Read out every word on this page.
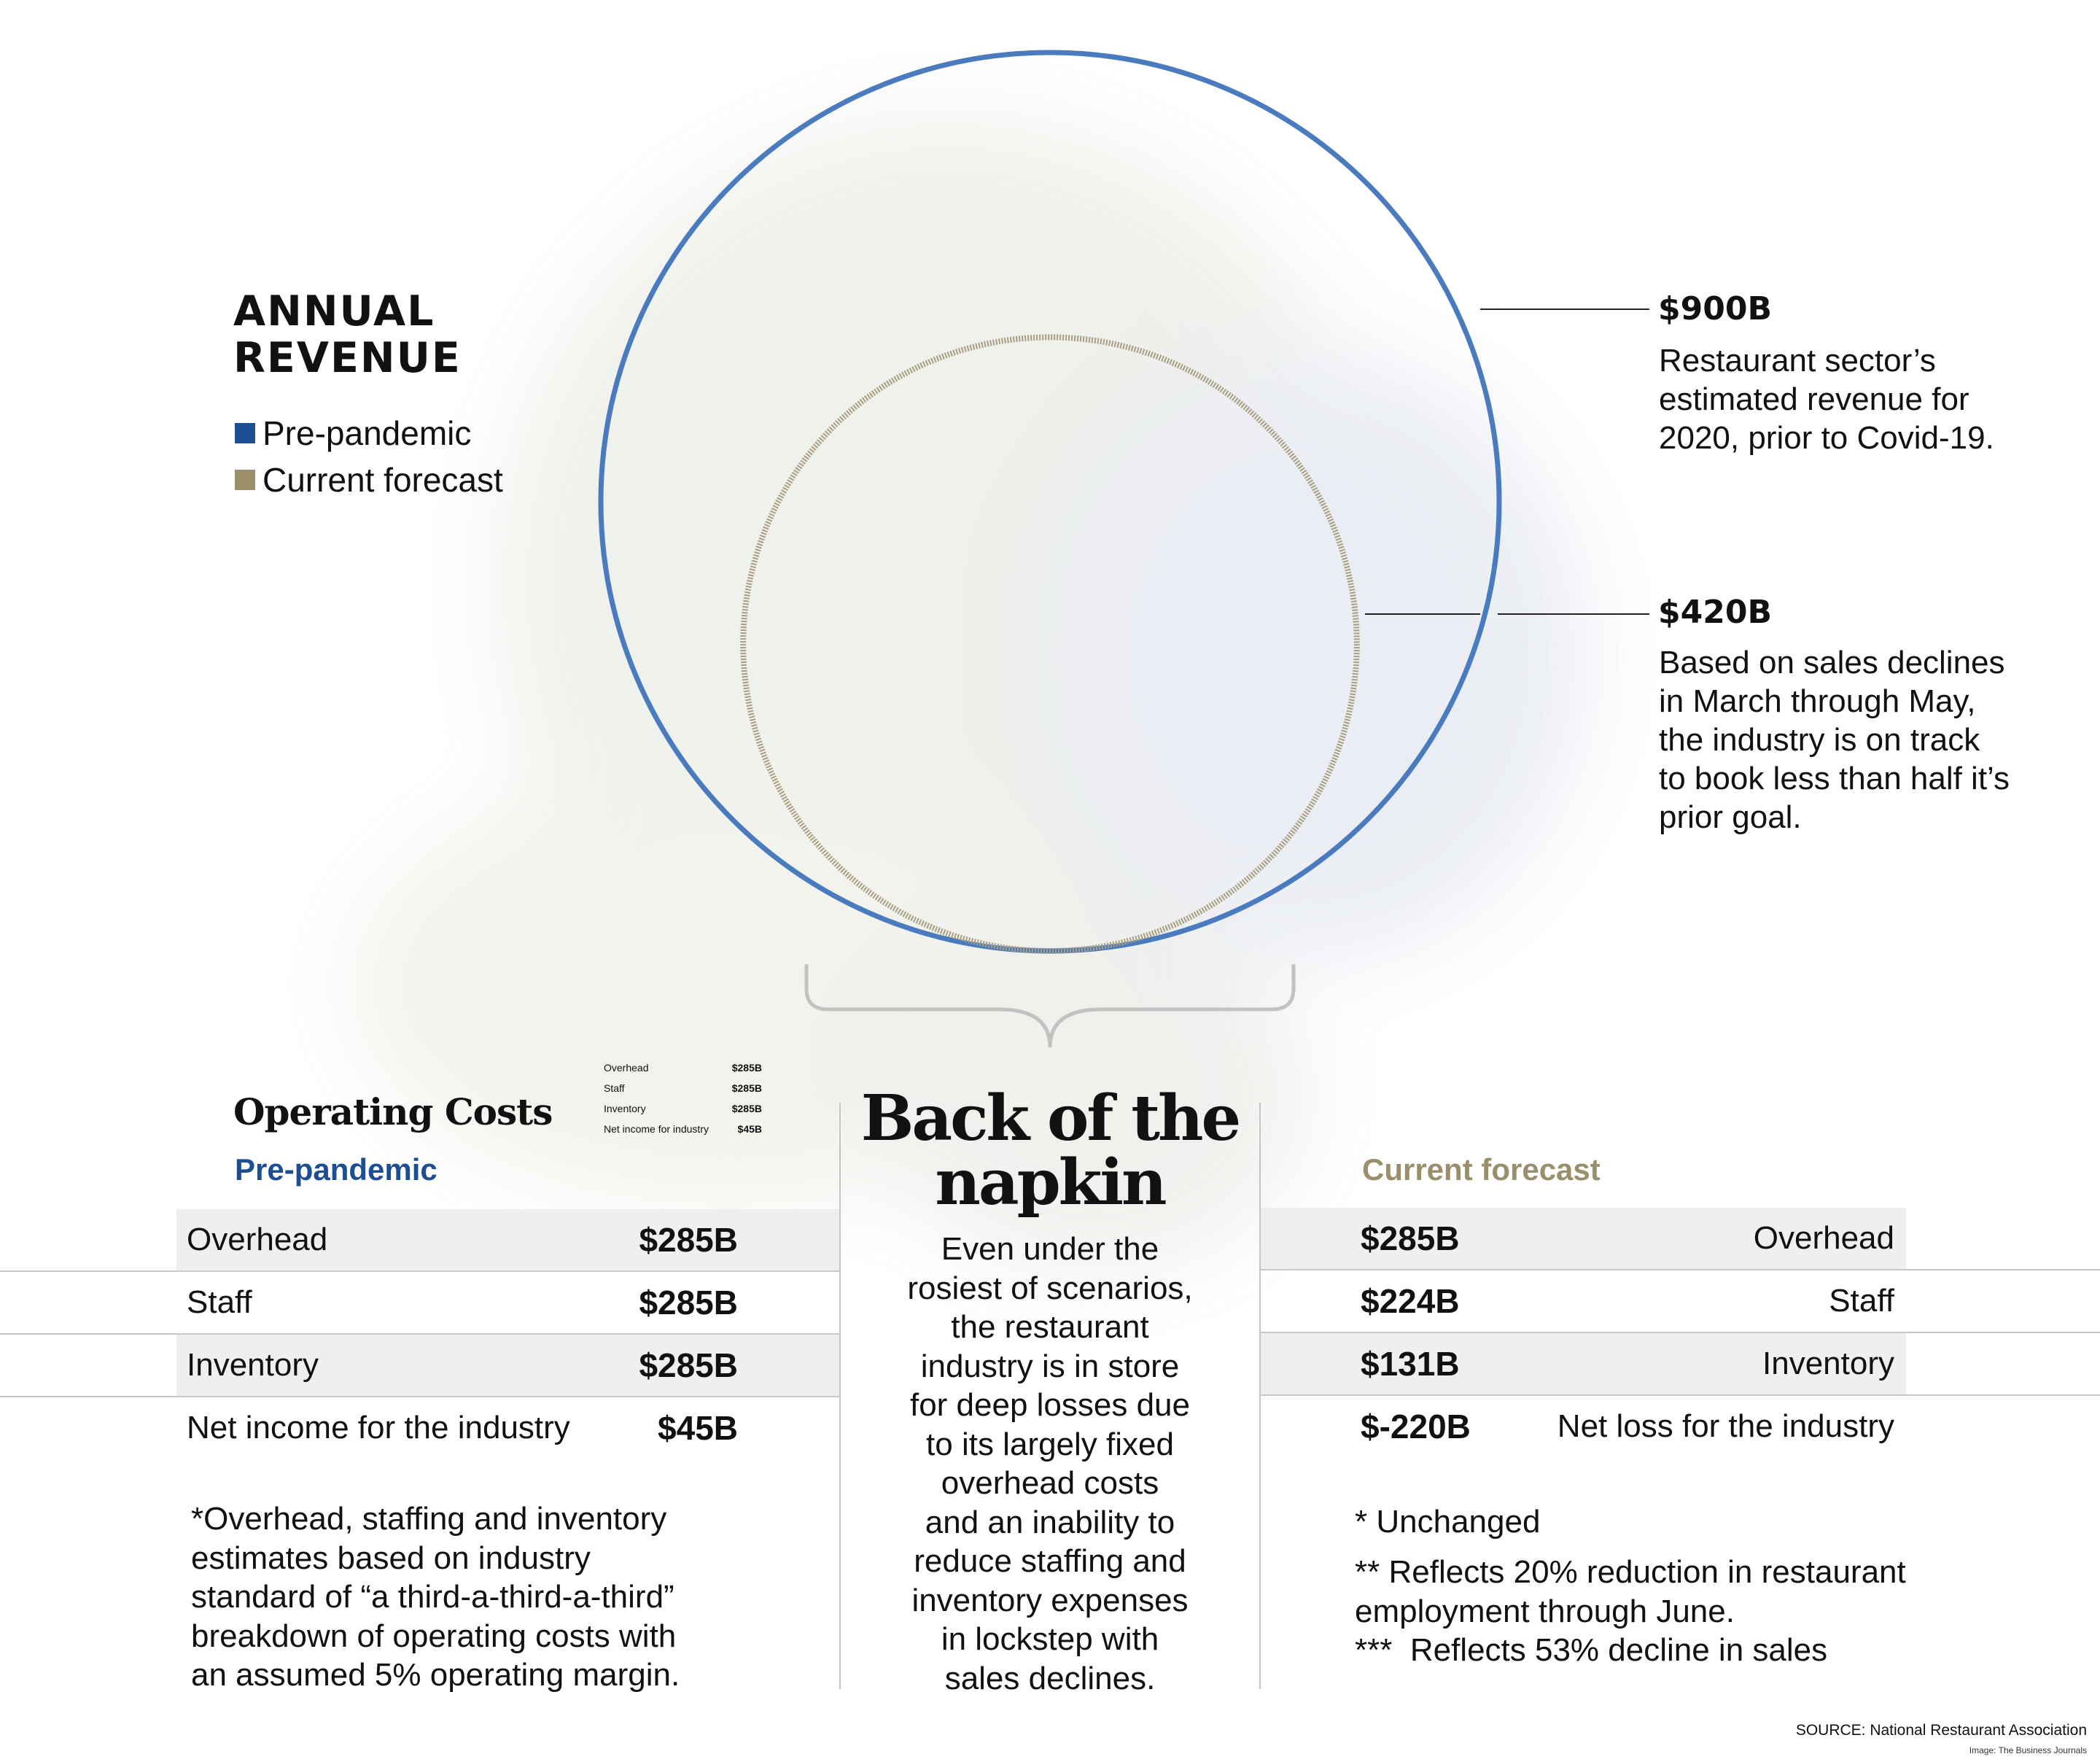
ANNUAL REVENUE
Pre-pandemic
Current forecast
$900B
Restaurant sector’s
estimated revenue for
2020, prior to Covid-19.
$420B
Based on sales declines
in March through May,
the industry is on track
to book less than half it’s
prior goal.
Overhead	$285B
Staff	$285B
Inventory	$285B
Net income for industry	$45B
Operating Costs
Pre-pandemic	Current forecast
Overhead	$285B
Staff	$285B
Inventory	$285B
Net income for the industry	$45B
$285B	Overhead
$224B	Staff
$131B	Inventory
$-220B	Net loss for the industry
Back of the
napkin
Even under the
rosiest of scenarios,
the restaurant
industry is in store
for deep losses due
to its largely fixed
overhead costs
and an inability to
reduce staffing and
inventory expenses
in lockstep with
sales declines.
*Overhead, staffing and inventory
estimates based on industry
standard of “a third-a-third-a-third”
breakdown of operating costs with
an assumed 5% operating margin.
* Unchanged
** Reflects 20% reduction in restaurant
employment through June.
***  Reflects 53% decline in sales
SOURCE: National Restaurant Association
Image: The Business Journals
